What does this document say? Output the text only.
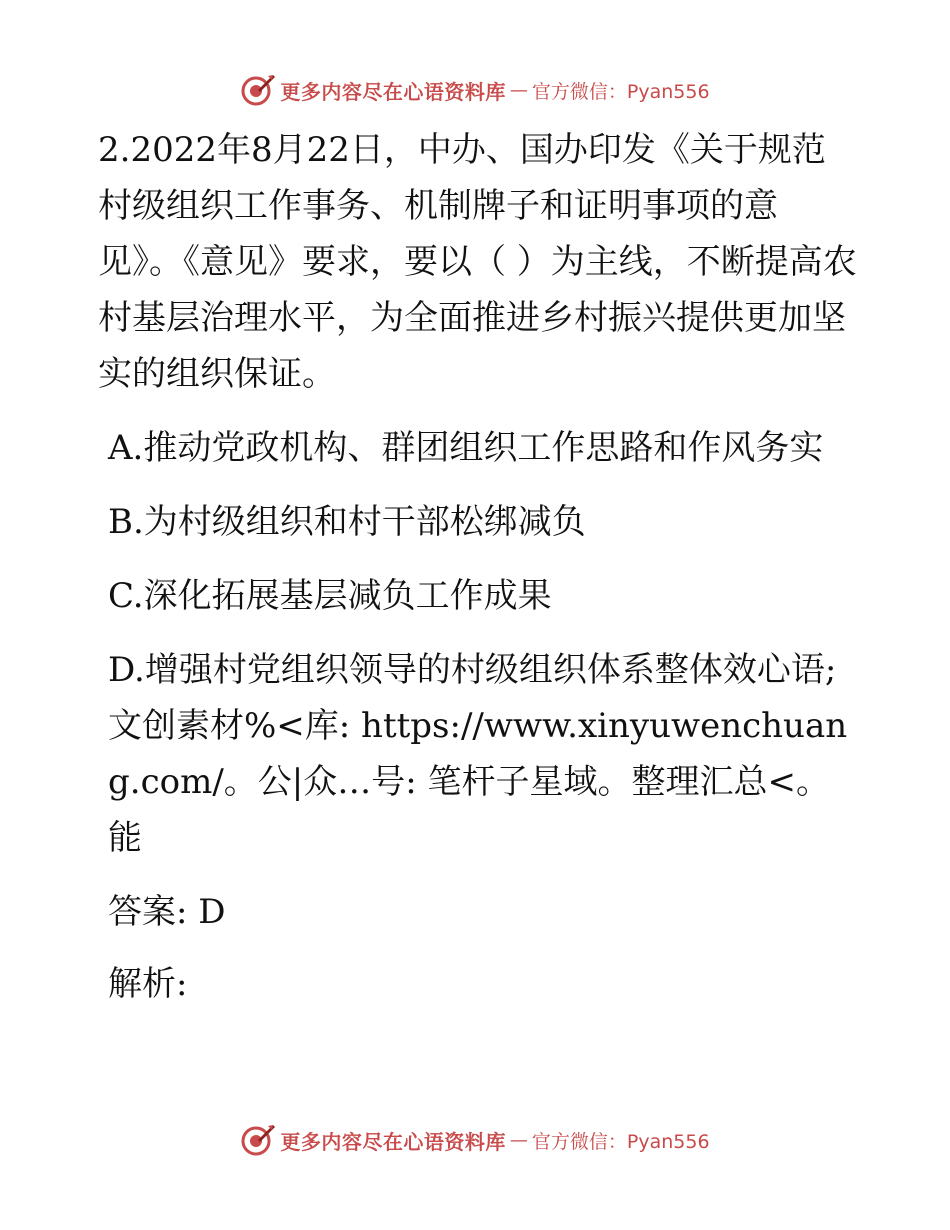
更多内容尽在心语资料库 — 官方微信：Pyan556

2.2022年8月22日，中办、国办印发《关于规范村级组织工作事务、机制牌子和证明事项的意见》。《意见》要求，要以（ ）为主线，不断提高农村基层治理水平，为全面推进乡村振兴提供更加坚实的组织保证。

A.推动党政机构、群团组织工作思路和作风务实

B.为村级组织和村干部松绑减负

C.深化拓展基层减负工作成果

D.增强村党组织领导的村级组织体系整体效心语;文创素材%<库: https://www.xinyuwenchuang.com/。公|众…号: 笔杆子星域。整理汇总<。能

答案: D

解析:

更多内容尽在心语资料库 — 官方微信：Pyan556
